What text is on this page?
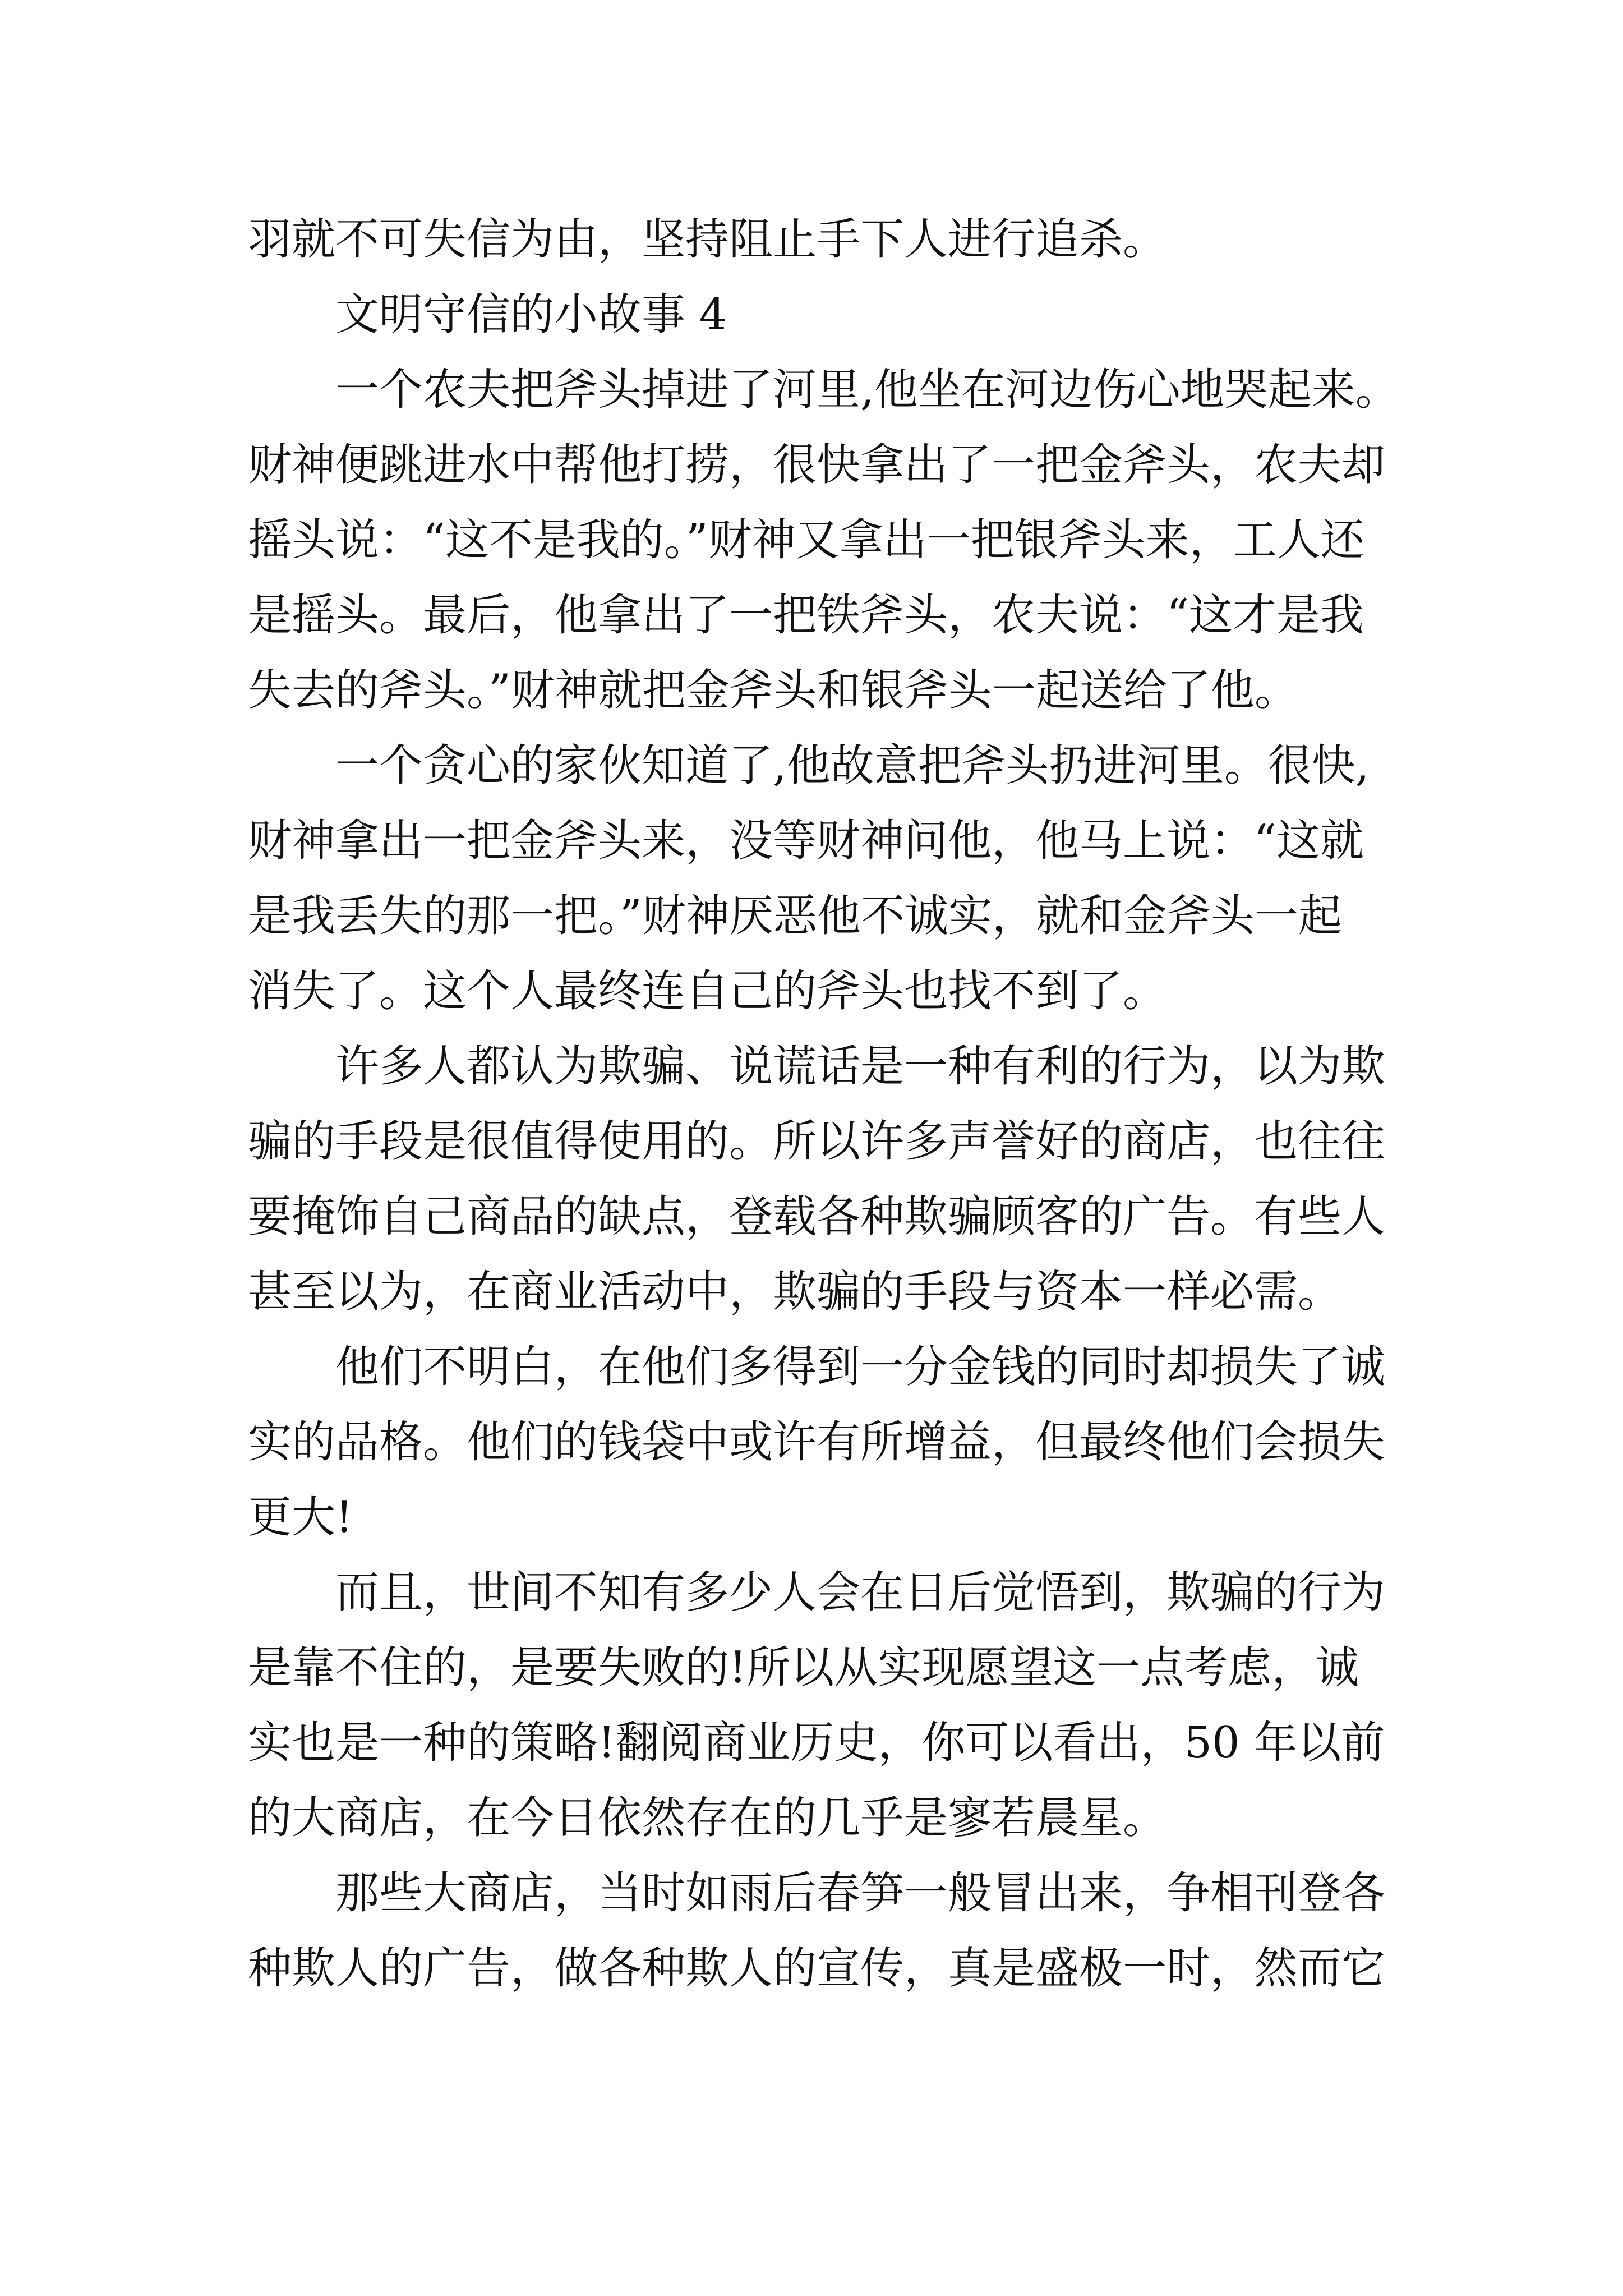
羽就不可失信为由，坚持阻止手下人进行追杀。
文明守信的小故事 4
一个农夫把斧头掉进了河里,他坐在河边伤心地哭起来。
财神便跳进水中帮他打捞，很快拿出了一把金斧头，农夫却
摇头说：“这不是我的。”财神又拿出一把银斧头来，工人还
是摇头。最后，他拿出了一把铁斧头，农夫说：“这才是我
失去的斧头。”财神就把金斧头和银斧头一起送给了他。
一个贪心的家伙知道了,他故意把斧头扔进河里。很快,
财神拿出一把金斧头来，没等财神问他，他马上说：“这就
是我丢失的那一把。”财神厌恶他不诚实，就和金斧头一起
消失了。这个人最终连自己的斧头也找不到了。
许多人都认为欺骗、说谎话是一种有利的行为，以为欺
骗的手段是很值得使用的。所以许多声誉好的商店，也往往
要掩饰自己商品的缺点，登载各种欺骗顾客的广告。有些人
甚至以为，在商业活动中，欺骗的手段与资本一样必需。
他们不明白，在他们多得到一分金钱的同时却损失了诚
实的品格。他们的钱袋中或许有所增益，但最终他们会损失
更大!
而且，世间不知有多少人会在日后觉悟到，欺骗的行为
是靠不住的，是要失败的!所以从实现愿望这一点考虑，诚
实也是一种的策略!翻阅商业历史，你可以看出，50 年以前
的大商店，在今日依然存在的几乎是寥若晨星。
那些大商店，当时如雨后春笋一般冒出来，争相刊登各
种欺人的广告，做各种欺人的宣传，真是盛极一时，然而它
